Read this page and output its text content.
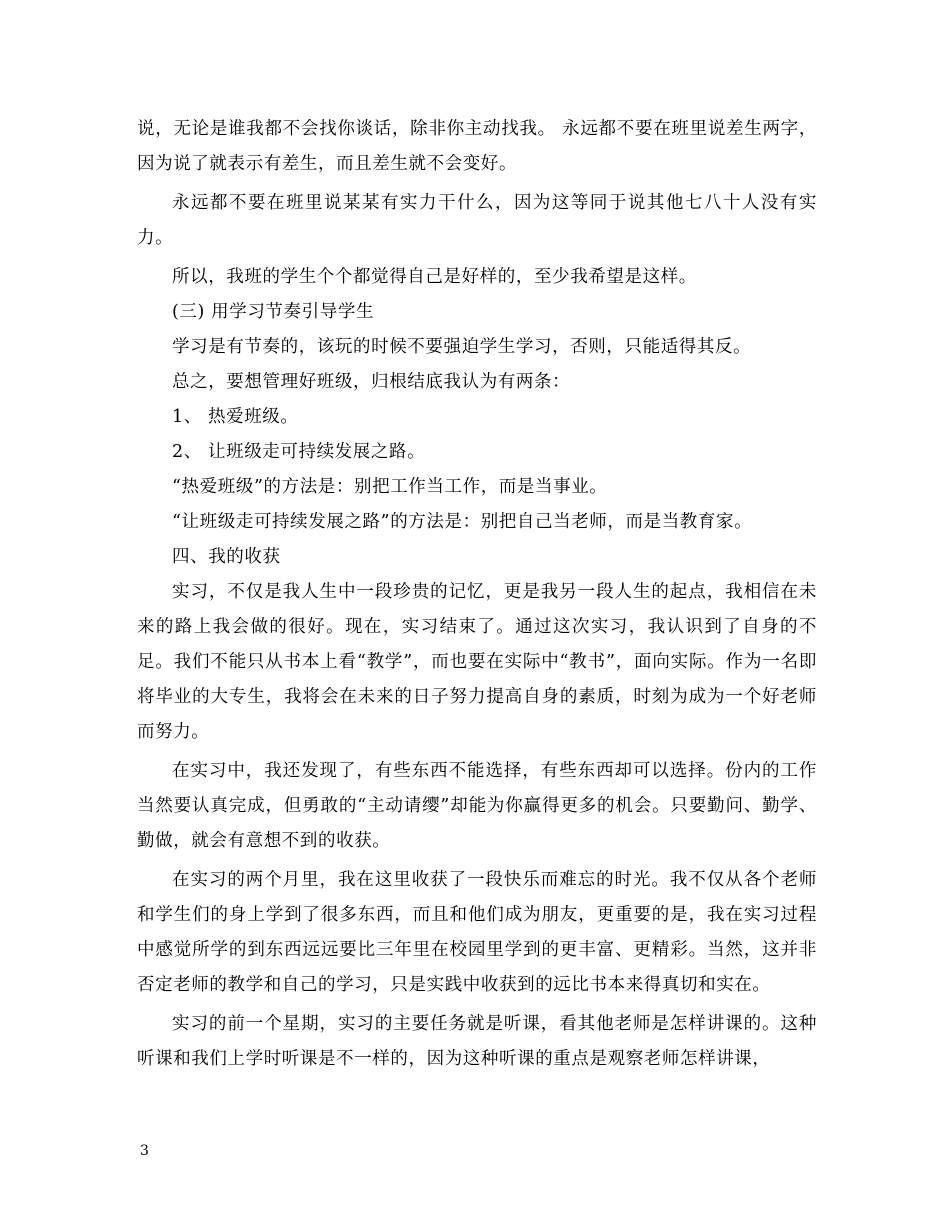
说，无论是谁我都不会找你谈话，除非你主动找我。 永远都不要在班里说差生两字，因为说了就表示有差生，而且差生就不会变好。

永远都不要在班里说某某有实力干什么，因为这等同于说其他七八十人没有实力。

所以，我班的学生个个都觉得自己是好样的，至少我希望是这样。

(三) 用学习节奏引导学生

学习是有节奏的，该玩的时候不要强迫学生学习，否则，只能适得其反。

总之，要想管理好班级，归根结底我认为有两条：

1、 热爱班级。

2、 让班级走可持续发展之路。

“热爱班级”的方法是：别把工作当工作，而是当事业。

“让班级走可持续发展之路”的方法是：别把自己当老师，而是当教育家。

四、我的收获

实习，不仅是我人生中一段珍贵的记忆，更是我另一段人生的起点，我相信在未来的路上我会做的很好。现在，实习结束了。通过这次实习，我认识到了自身的不足。我们不能只从书本上看“教学”，而也要在实际中“教书”，面向实际。作为一名即将毕业的大专生，我将会在未来的日子努力提高自身的素质，时刻为成为一个好老师而努力。

在实习中，我还发现了，有些东西不能选择，有些东西却可以选择。份内的工作当然要认真完成，但勇敢的“主动请缨”却能为你赢得更多的机会。只要勤问、勤学、勤做，就会有意想不到的收获。

在实习的两个月里，我在这里收获了一段快乐而难忘的时光。我不仅从各个老师和学生们的身上学到了很多东西，而且和他们成为朋友，更重要的是，我在实习过程中感觉所学的到东西远远要比三年里在校园里学到的更丰富、更精彩。当然，这并非否定老师的教学和自己的学习，只是实践中收获到的远比书本来得真切和实在。

实习的前一个星期，实习的主要任务就是听课，看其他老师是怎样讲课的。这种听课和我们上学时听课是不一样的，因为这种听课的重点是观察老师怎样讲课，

3
